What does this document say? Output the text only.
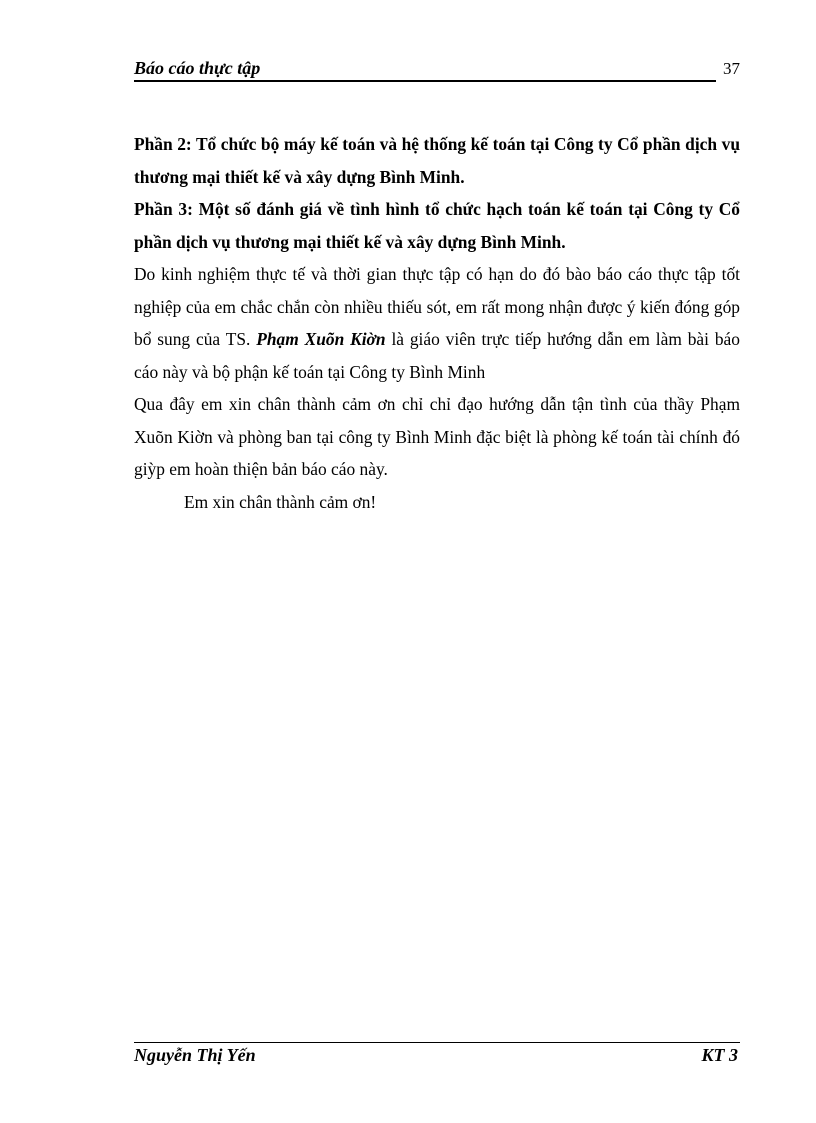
Báo cáo thực tập	37

Phần 2: Tổ chức bộ máy kế toán và hệ thống kế toán tại Công ty Cổ phần dịch vụ thương mại thiết kế và xây dựng Bình Minh.

Phần 3: Một số đánh giá về tình hình tổ chức hạch toán kế toán tại Công ty Cổ phần dịch vụ thương mại thiết kế và xây dựng Bình Minh.

Do kinh nghiệm thực tế và thời gian thực tập có hạn do đó bào báo cáo thực tập tốt nghiệp của em chắc chắn còn nhiều thiếu sót, em rất mong nhận được ý kiến đóng góp bổ sung của TS. Phạm Xuõn Kiờn là giáo viên trực tiếp hướng dẫn em làm bài báo cáo này và bộ phận kế toán tại Công ty Bình Minh

Qua đây em xin chân thành cảm ơn chỉ chỉ đạo hướng dẫn tận tình của thầy Phạm Xuõn Kiờn và phòng ban tại công ty Bình Minh đặc biệt là phòng kế toán tài chính đó giỳp em hoàn thiện bản báo cáo này.

Em xin chân thành cảm ơn!

Nguyễn Thị Yến	KT 3
